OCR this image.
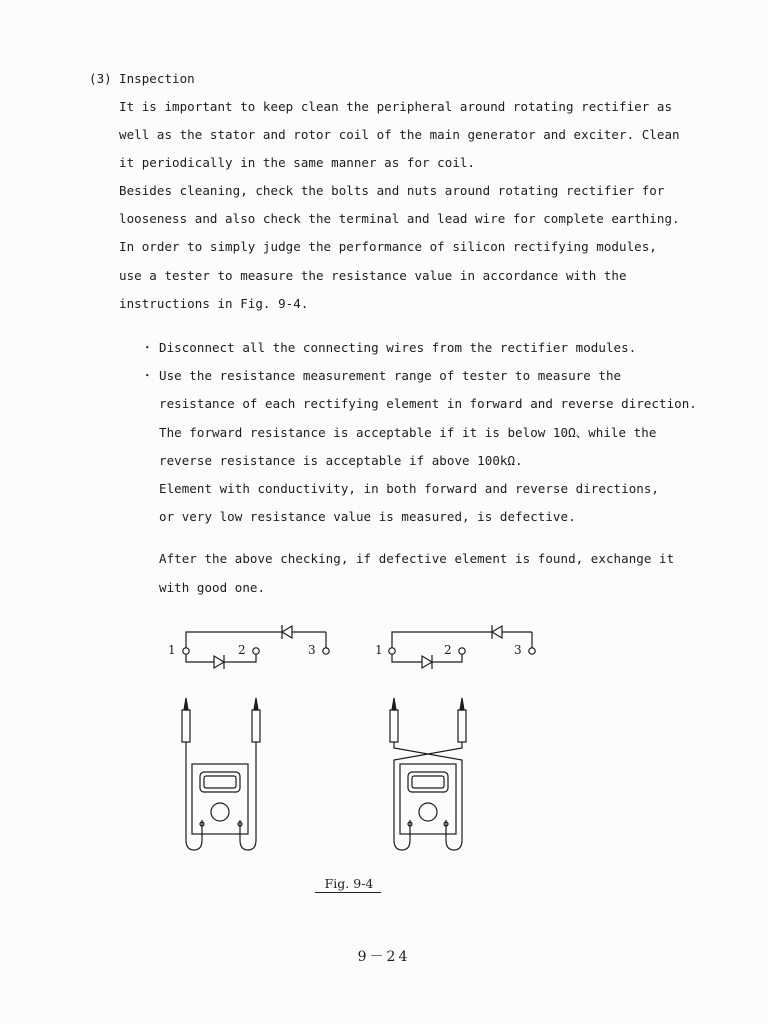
(3) Inspection
It is important to keep clean the peripheral around rotating rectifier as
well as the stator and rotor coil of the main generator and exciter. Clean
it periodically in the same manner as for coil.
Besides cleaning, check the bolts and nuts around rotating rectifier for
looseness and also check the terminal and lead wire for complete earthing.
In order to simply judge the performance of silicon rectifying modules,
use a tester to measure the resistance value in accordance with the
instructions in Fig. 9-4.
・ Disconnect all the connecting wires from the rectifier modules.
・ Use the resistance measurement range of tester to measure the
resistance of each rectifying element in forward and reverse direction.
The forward resistance is acceptable if it is below 10Ω、while the
reverse resistance is acceptable if above 100kΩ.
Element with conductivity, in both forward and reverse directions,
or very low resistance value is measured, is defective.
After the above checking, if defective element is found, exchange it
with good one.
1	2	3	1	2	3
Fig. 9-4
9－24
